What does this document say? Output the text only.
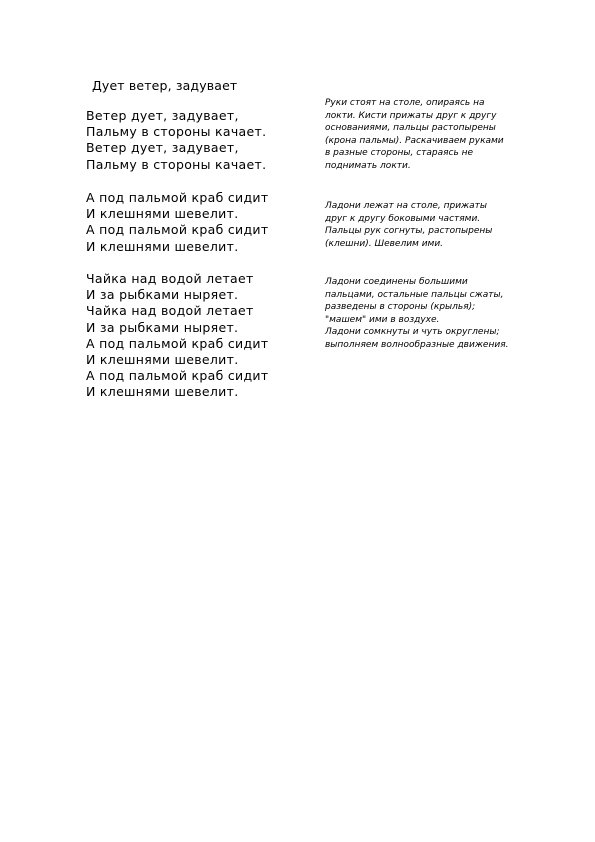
Дует ветер, задувает
Ветер дует, задувает,
Пальму в стороны качает.
Ветер дует, задувает,
Пальму в стороны качает.
А под пальмой краб сидит
И клешнями шевелит.
А под пальмой краб сидит
И клешнями шевелит.
Чайка над водой летает
И за рыбками ныряет.
Чайка над водой летает
И за рыбками ныряет.
А под пальмой краб сидит
И клешнями шевелит.
А под пальмой краб сидит
И клешнями шевелит.
Руки стоят на столе, опираясь на
локти. Кисти прижаты друг к другу
основаниями, пальцы растопырены
(крона пальмы). Раскачиваем руками
в разные стороны, стараясь не
поднимать локти.
Ладони лежат на столе, прижаты
друг к другу боковыми частями.
Пальцы рук согнуты, растопырены
(клешни). Шевелим ими.
Ладони соединены большими
пальцами, остальные пальцы сжаты,
разведены в стороны (крылья);
"машем" ими в воздухе.
Ладони сомкнуты и чуть округлены;
выполняем волнообразные движения.
